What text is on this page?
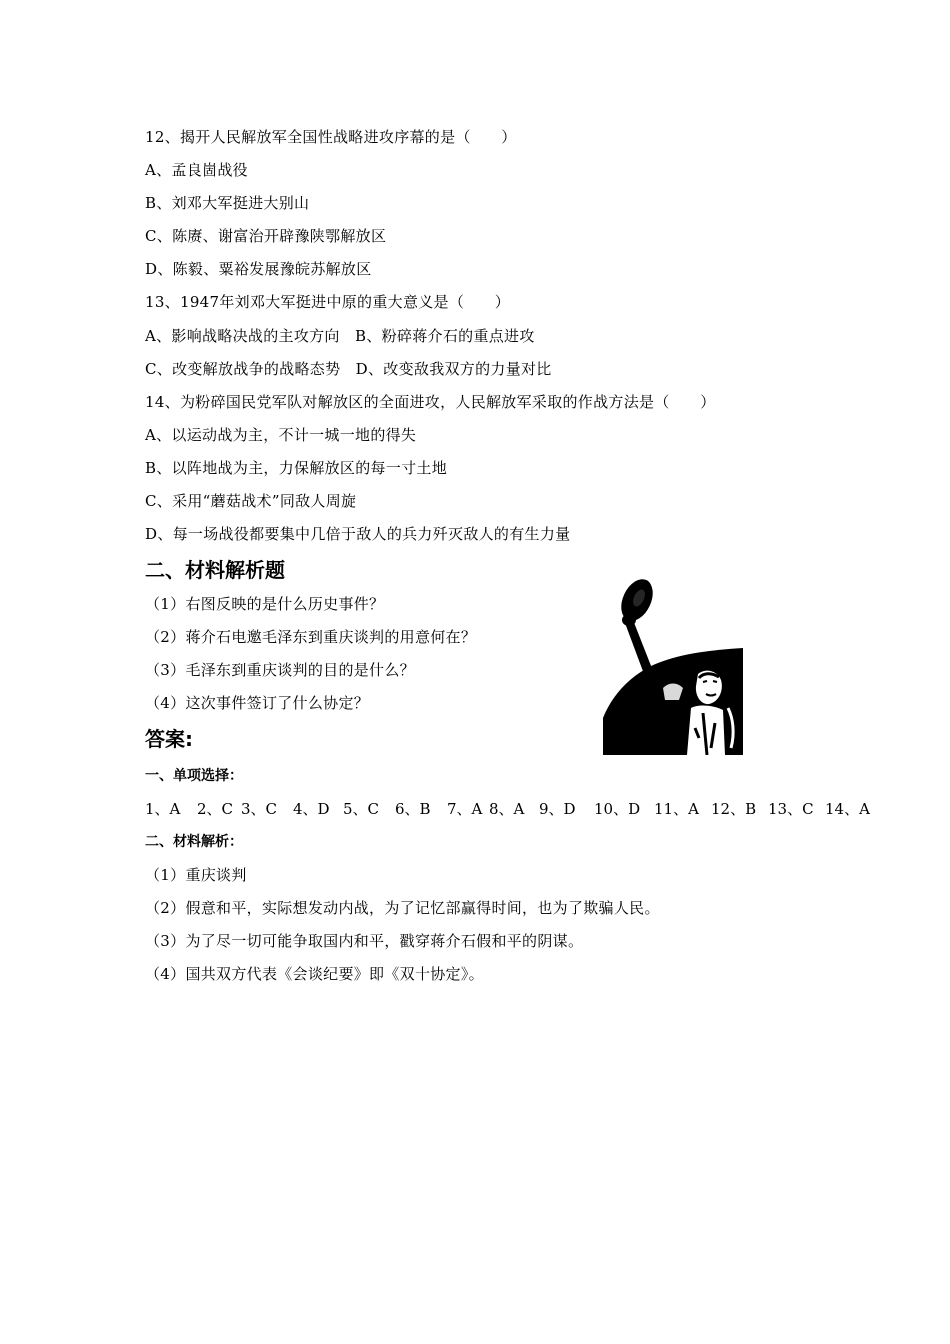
12、揭开人民解放军全国性战略进攻序幕的是（　　）
A、孟良崮战役
B、刘邓大军挺进大别山
C、陈赓、谢富治开辟豫陕鄂解放区
D、陈毅、粟裕发展豫皖苏解放区
13、1947年刘邓大军挺进中原的重大意义是（　　）
A、影响战略决战的主攻方向　B、粉碎蒋介石的重点进攻
C、改变解放战争的战略态势　D、改变敌我双方的力量对比
14、为粉碎国民党军队对解放区的全面进攻，人民解放军采取的作战方法是（　　）
A、以运动战为主，不计一城一地的得失
B、以阵地战为主，力保解放区的每一寸土地
C、采用“蘑菇战术”同敌人周旋
D、每一场战役都要集中几倍于敌人的兵力歼灭敌人的有生力量
二、材料解析题
（1）右图反映的是什么历史事件？
（2）蒋介石电邀毛泽东到重庆谈判的用意何在？
（3）毛泽东到重庆谈判的目的是什么？
（4）这次事件签订了什么协定？
答案:
一、单项选择：
1、A	2、C 3、C	4、D 5、C	6、B	7、A 8、A 9、D	10、D 11、A 12、B 13、C 14、A
二、材料解析：
（1）重庆谈判
（2）假意和平，实际想发动内战，为了记忆部赢得时间，也为了欺骗人民。
（3）为了尽一切可能争取国内和平，戳穿蒋介石假和平的阴谋。
（4）国共双方代表《会谈纪要》即《双十协定》。
